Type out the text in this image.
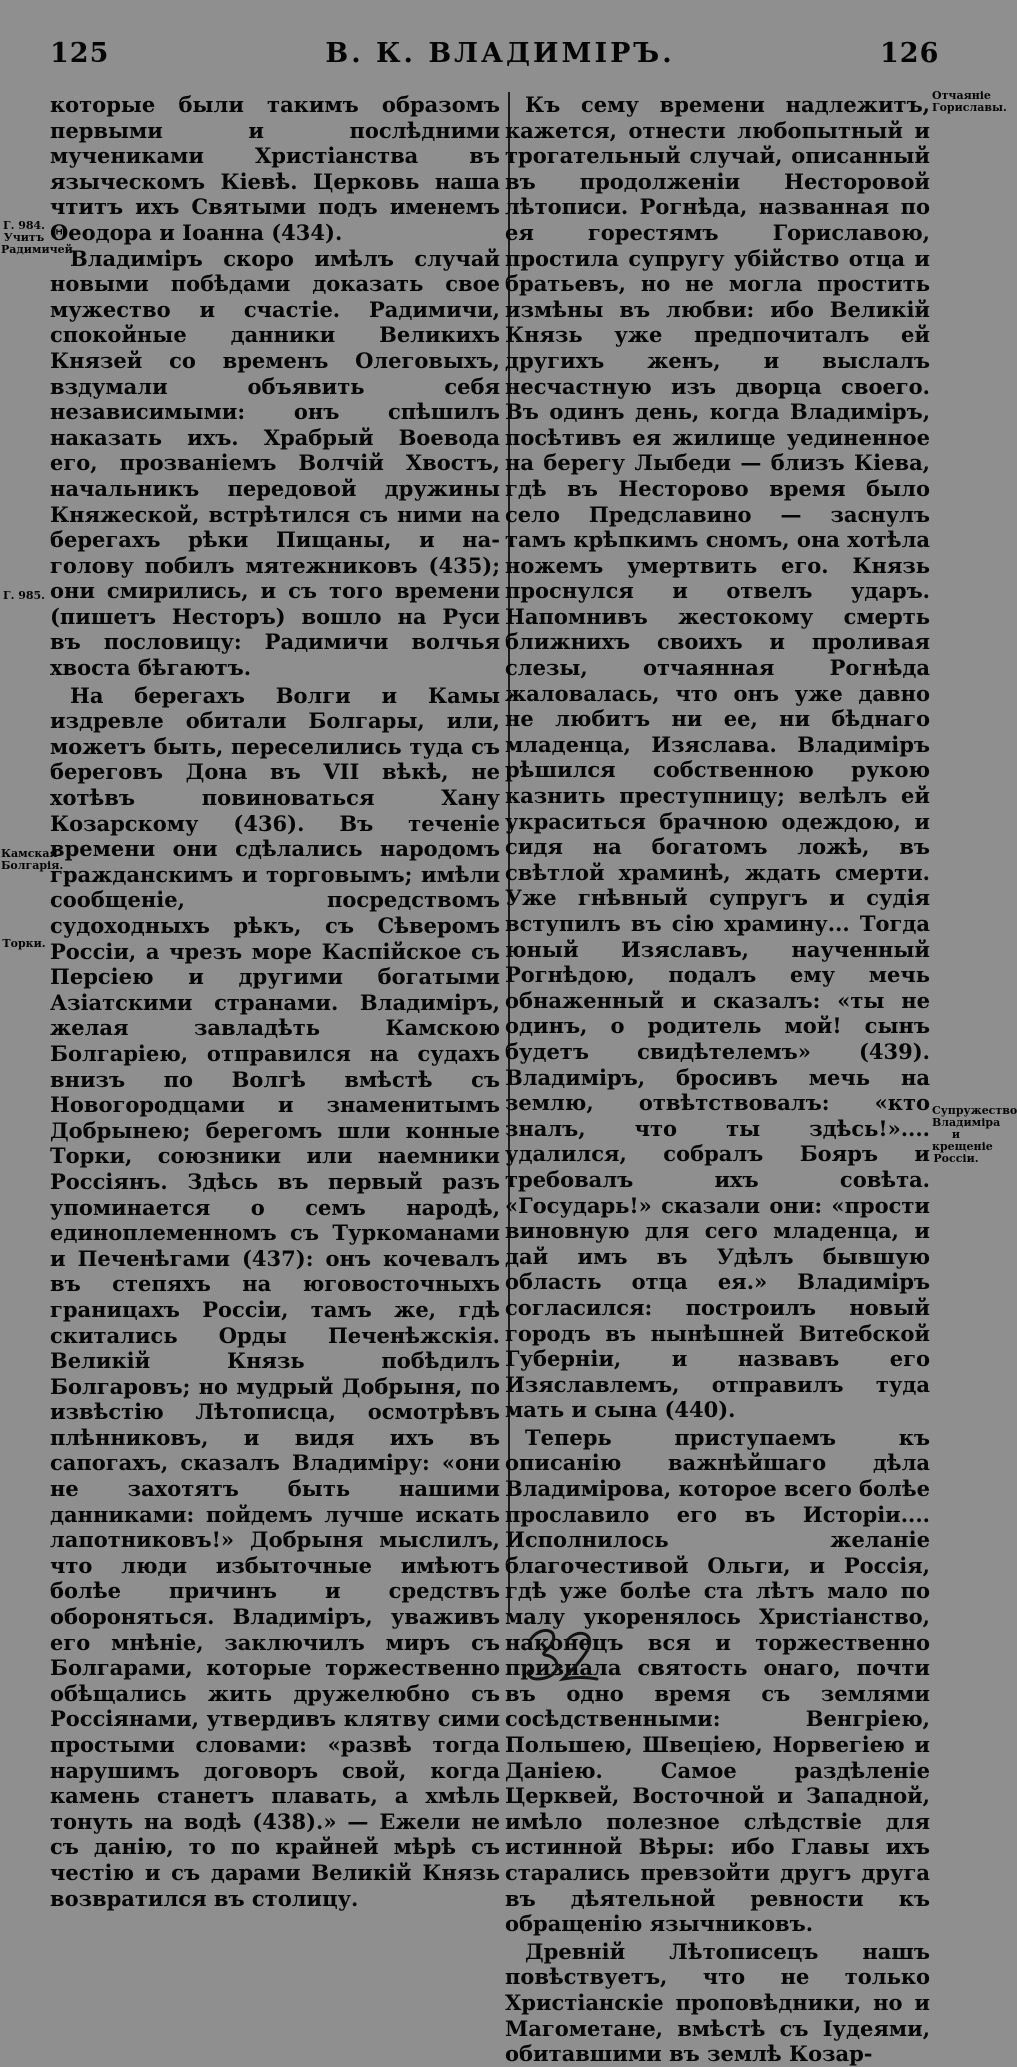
125	В. К. ВЛАДИМІРЪ.	126
Г. 984. Учитъ Радимичей.
Г. 985.
Камская Болгарія.
Торки.

которые были такимъ образомъ первыми и послѣдними мучениками Христіанства въ языческомъ Кіевѣ. Церковь наша чтитъ ихъ Святыми подъ именемъ Θеодора и Іоанна (434).

Владиміръ скоро имѣлъ случай новыми побѣдами доказать свое мужество и счастіе. Радимичи, спокойные данники Великихъ Князей со временъ Олеговыхъ, вздумали объявить себя независимыми: онъ спѣшилъ наказать ихъ. Храбрый Воевода его, прозваніемъ Волчій Хвостъ, начальникъ передовой дружины Княжеской, встрѣтился съ ними на берегахъ рѣки Пищаны, и на-голову побилъ мятежниковъ (435); они смирились, и съ того времени (пишетъ Несторъ) вошло на Руси въ пословицу: Радимичи волчья хвоста бѣгаютъ.

На берегахъ Волги и Камы издревле обитали Болгары, или, можетъ быть, переселились туда съ береговъ Дона въ VII вѣкѣ, не хотѣвъ повиноваться Хану Козарскому (436). Въ теченіе времени они сдѣлались народомъ гражданскимъ и торговымъ; имѣли сообщеніе, посредствомъ судоходныхъ рѣкъ, съ Сѣверомъ Россіи, а чрезъ море Каспійское съ Персіею и другими богатыми Азіатскими странами. Владиміръ, желая завладѣть Камскою Болгаріею, отправился на судахъ внизъ по Волгѣ вмѣстѣ съ Новогородцами и знаменитымъ Добрынею; берегомъ шли конные Торки, союзники или наемники Россіянъ. Здѣсь въ первый разъ упоминается о семъ народѣ, единоплеменномъ съ Туркоманами и Печенѣгами (437): онъ кочевалъ въ степяхъ на юговосточныхъ границахъ Россіи, тамъ же, гдѣ скитались Орды Печенѣжскія. Великій Князь побѣдилъ Болгаровъ; но мудрый Добрыня, по извѣстію Лѣтописца, осмотрѣвъ плѣнниковъ, и видя ихъ въ сапогахъ, сказалъ Владиміру: «они не захотятъ быть нашими данниками: пойдемъ лучше искать лапотниковъ!» Добрыня мыслилъ, что люди избыточные имѣютъ болѣе причинъ и средствъ обороняться. Владиміръ, уваживъ его мнѣніе, заключилъ миръ съ Болгарами, которые торжественно обѣщались жить дружелюбно съ Россіянами, утвердивъ клятву сими простыми словами: «развѣ тогда нарушимъ договоръ свой, когда камень станетъ плавать, а хмѣль тонуть на водѣ (438).» — Ежели не съ данію, то по крайней мѣрѣ съ честію и съ дарами Великій Князь возвратился въ столицу.

Къ сему времени надлежитъ, кажется, отнести любопытный и трогательный случай, описанный въ продолженіи Несторовой лѣтописи. Рогнѣда, названная по ея горестямъ Гориславою, простила супругу убійство отца и братьевъ, но не могла простить измѣны въ любви: ибо Великій Князь уже предпочиталъ ей другихъ женъ, и выслалъ несчастную изъ дворца своего. Въ одинъ день, когда Владиміръ, посѣтивъ ея жилище уединенное на берегу Лыбеди — близъ Кіева, гдѣ въ Несторово время было село Предславино — заснулъ тамъ крѣпкимъ сномъ, она хотѣла ножемъ умертвить его. Князь проснулся и отвелъ ударъ. Напомнивъ жестокому смерть ближнихъ своихъ и проливая слезы, отчаянная Рогнѣда жаловалась, что онъ уже давно не любитъ ни ее, ни бѣднаго младенца, Изяслава. Владиміръ рѣшился собственною рукою казнить преступницу; велѣлъ ей украситься брачною одеждою, и сидя на богатомъ ложѣ, въ свѣтлой храминѣ, ждать смерти. Уже гнѣвный супругъ и судія вступилъ въ сію храмину... Тогда юный Изяславъ, наученный Рогнѣдою, подалъ ему мечь обнаженный и сказалъ: «ты не одинъ, о родитель мой! сынъ будетъ свидѣтелемъ» (439). Владиміръ, бросивъ мечь на землю, отвѣтствовалъ: «кто зналъ, что ты здѣсь!».... удалился, собралъ Бояръ и требовалъ ихъ совѣта. «Государь!» сказали они: «прости виновную для сего младенца, и дай имъ въ Удѣлъ бывшую область отца ея.» Владиміръ согласился: построилъ новый городъ въ нынѣшней Витебской Губерніи, и назвавъ его Изяславлемъ, отправилъ туда мать и сына (440).

Теперь приступаемъ къ описанію важнѣйшаго дѣла Владимірова, которое всего болѣе прославило его въ Исторіи.... Исполнилось желаніе благочестивой Ольги, и Россія, гдѣ уже болѣе ста лѣтъ мало по малу укоренялось Христіанство, наконецъ вся и торжественно признала святость онаго, почти въ одно время съ землями сосѣдственными: Венгріею, Польшею, Швеціею, Норвегіею и Даніею. Самое раздѣленіе Церквей, Восточной и Западной, имѣло полезное слѣдствіе для истинной Вѣры: ибо Главы ихъ старались превзойти другъ друга въ дѣятельной ревности къ обращенію язычниковъ.

Древній Лѣтописецъ нашъ повѣствуетъ, что не только Христіанскіе проповѣдники, но и Магометане, вмѣстѣ съ Іудеями, обитавшими въ землѣ Козар-

Отчаяніе Гориславы.
Супружество Владиміра и крещеніе Россіи.
